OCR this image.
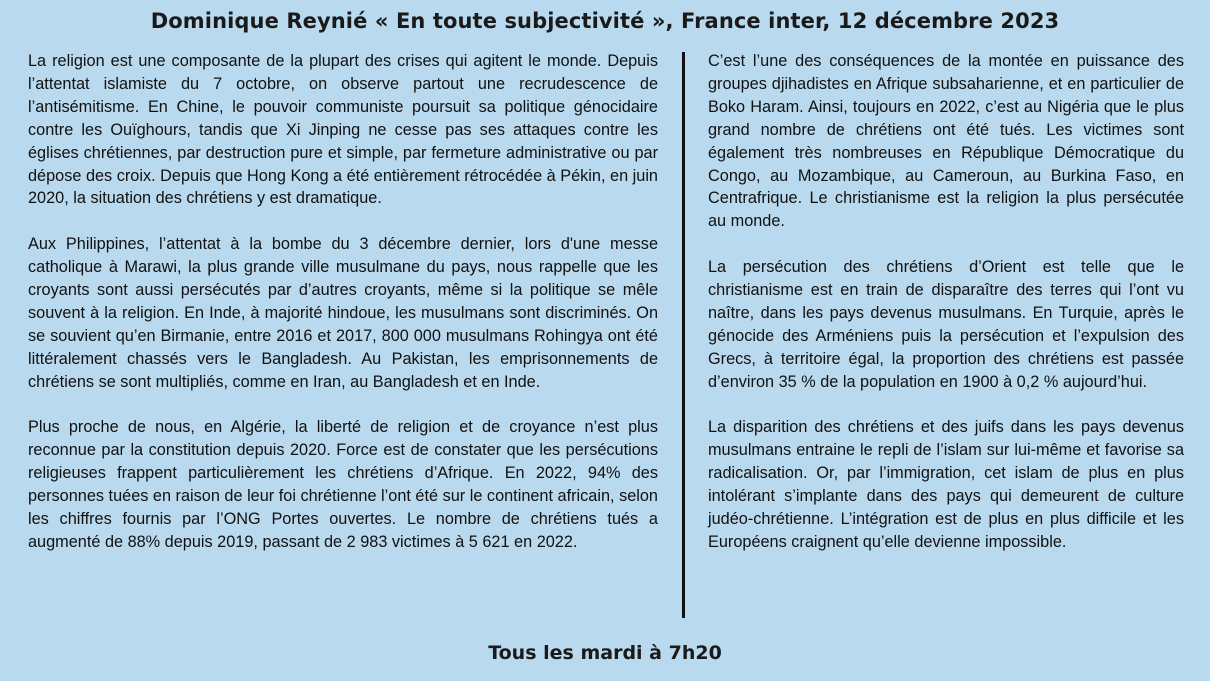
Dominique Reynié « En toute subjectivité », France inter, 12 décembre 2023

La religion est une composante de la plupart des crises qui agitent le monde. Depuis l’attentat islamiste du 7 octobre, on observe partout une recrudescence de l’antisémitisme. En Chine, le pouvoir communiste poursuit sa politique génocidaire contre les Ouïghours, tandis que Xi Jinping ne cesse pas ses attaques contre les églises chrétiennes, par destruction pure et simple, par fermeture administrative ou par dépose des croix. Depuis que Hong Kong a été entièrement rétrocédée à Pékin, en juin 2020, la situation des chrétiens y est dramatique.

Aux Philippines, l’attentat à la bombe du 3 décembre dernier, lors d'une messe catholique à Marawi, la plus grande ville musulmane du pays, nous rappelle que les croyants sont aussi persécutés par d’autres croyants, même si la politique se mêle souvent à la religion. En Inde, à majorité hindoue, les musulmans sont discriminés. On se souvient qu’en Birmanie, entre 2016 et 2017, 800 000 musulmans Rohingya ont été littéralement chassés vers le Bangladesh. Au Pakistan, les emprisonnements de chrétiens se sont multipliés, comme en Iran, au Bangladesh et en Inde.

Plus proche de nous, en Algérie, la liberté de religion et de croyance n’est plus reconnue par la constitution depuis 2020. Force est de constater que les persécutions religieuses frappent particulièrement les chrétiens d’Afrique. En 2022, 94% des personnes tuées en raison de leur foi chrétienne l’ont été sur le continent africain, selon les chiffres fournis par l’ONG Portes ouvertes. Le nombre de chrétiens tués a augmenté de 88% depuis 2019, passant de 2 983 victimes à 5 621 en 2022.

C’est l’une des conséquences de la montée en puissance des groupes djihadistes en Afrique subsaharienne, et en particulier de Boko Haram. Ainsi, toujours en 2022, c’est au Nigéria que le plus grand nombre de chrétiens ont été tués. Les victimes sont également très nombreuses en République Démocratique du Congo, au Mozambique, au Cameroun, au Burkina Faso, en Centrafrique. Le christianisme est la religion la plus persécutée au monde.

La persécution des chrétiens d’Orient est telle que le christianisme est en train de disparaître des terres qui l’ont vu naître, dans les pays devenus musulmans. En Turquie, après le génocide des Arméniens puis la persécution et l’expulsion des Grecs, à territoire égal, la proportion des chrétiens est passée d’environ 35 % de la population en 1900 à 0,2 % aujourd’hui.

La disparition des chrétiens et des juifs dans les pays devenus musulmans entraine le repli de l’islam sur lui-même et favorise sa radicalisation. Or, par l’immigration, cet islam de plus en plus intolérant s’implante dans des pays qui demeurent de culture judéo-chrétienne. L’intégration est de plus en plus difficile et les Européens craignent qu’elle devienne impossible.

Tous les mardi à 7h20
